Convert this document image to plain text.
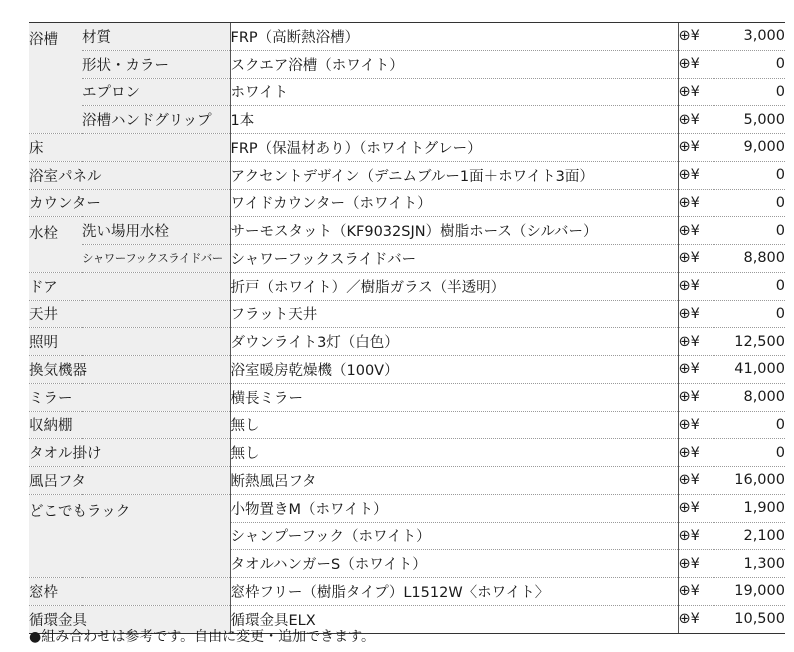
浴槽	材質	FRP（高断熱浴槽）	⊕¥	3,000
	形状・カラー	スクエア浴槽（ホワイト）	⊕¥	0
	エプロン	ホワイト	⊕¥	0
	浴槽ハンドグリップ	1本	⊕¥	5,000
床		FRP（保温材あり）（ホワイトグレー）	⊕¥	9,000
浴室パネル		アクセントデザイン（デニムブルー1面＋ホワイト3面）	⊕¥	0
カウンター		ワイドカウンター（ホワイト）	⊕¥	0
水栓	洗い場用水栓	サーモスタット（KF9032SJN）樹脂ホース（シルバー）	⊕¥	0
	シャワーフックスライドバー	シャワーフックスライドバー	⊕¥	8,800
ドア		折戸（ホワイト）／樹脂ガラス（半透明）	⊕¥	0
天井		フラット天井	⊕¥	0
照明		ダウンライト3灯（白色）	⊕¥	12,500
換気機器		浴室暖房乾燥機（100V）	⊕¥	41,000
ミラー		横長ミラー	⊕¥	8,000
収納棚		無し	⊕¥	0
タオル掛け		無し	⊕¥	0
風呂フタ		断熱風呂フタ	⊕¥	16,000
どこでもラック		小物置きM（ホワイト）	⊕¥	1,900
		シャンプーフック（ホワイト）	⊕¥	2,100
		タオルハンガーS（ホワイト）	⊕¥	1,300
窓枠		窓枠フリー（樹脂タイプ）L1512W〈ホワイト〉	⊕¥	19,000
循環金具		循環金具ELX	⊕¥	10,500
●組み合わせは参考です。自由に変更・追加できます。
